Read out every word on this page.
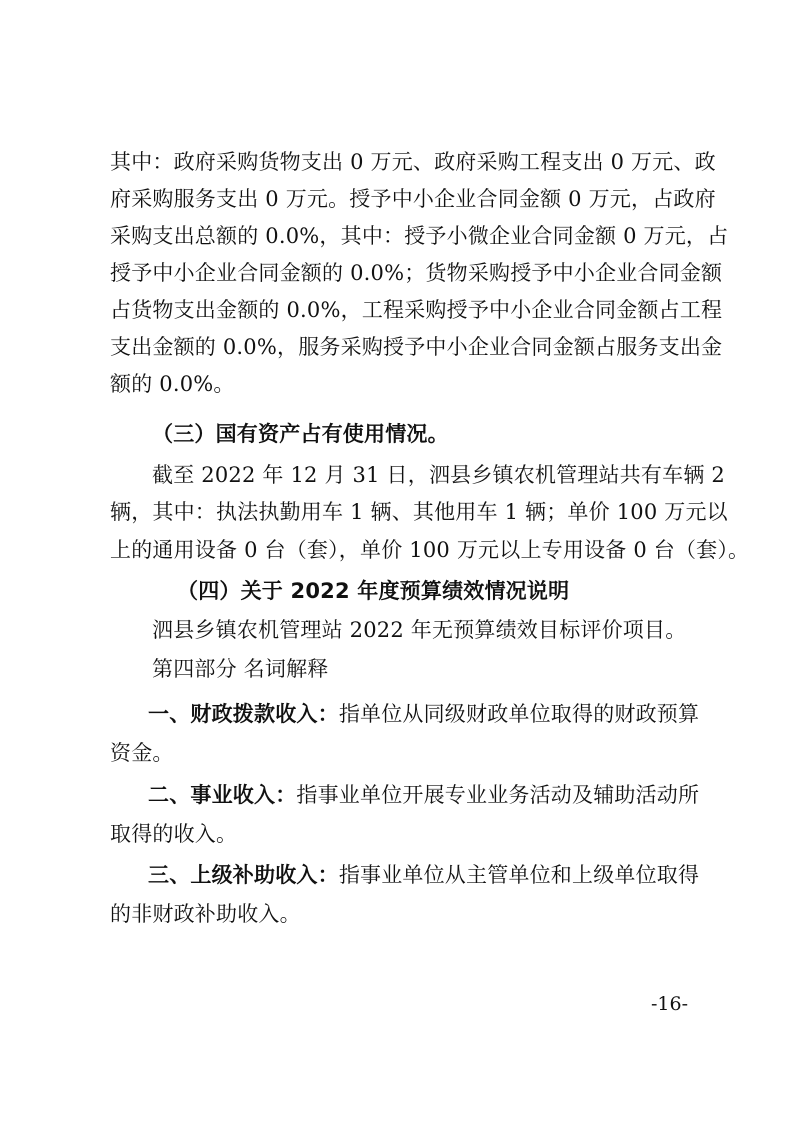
其中：政府采购货物支出 0 万元、政府采购工程支出 0 万元、政
府采购服务支出 0 万元。授予中小企业合同金额 0 万元，占政府
采购支出总额的 0.0%，其中：授予小微企业合同金额 0 万元，占
授予中小企业合同金额的 0.0%；货物采购授予中小企业合同金额
占货物支出金额的 0.0%，工程采购授予中小企业合同金额占工程
支出金额的 0.0%，服务采购授予中小企业合同金额占服务支出金
额的 0.0%。
（三）国有资产占有使用情况。
截至 2022 年 12 月 31 日，泗县乡镇农机管理站共有车辆 2
辆，其中：执法执勤用车 1 辆、其他用车 1 辆；单价 100 万元以
上的通用设备 0 台（套），单价 100 万元以上专用设备 0 台（套）。
（四）关于 2022 年度预算绩效情况说明
泗县乡镇农机管理站 2022 年无预算绩效目标评价项目。
第四部分 名词解释
一、财政拨款收入：指单位从同级财政单位取得的财政预算
资金。
二、事业收入：指事业单位开展专业业务活动及辅助活动所
取得的收入。
三、上级补助收入：指事业单位从主管单位和上级单位取得
的非财政补助收入。
-16-
